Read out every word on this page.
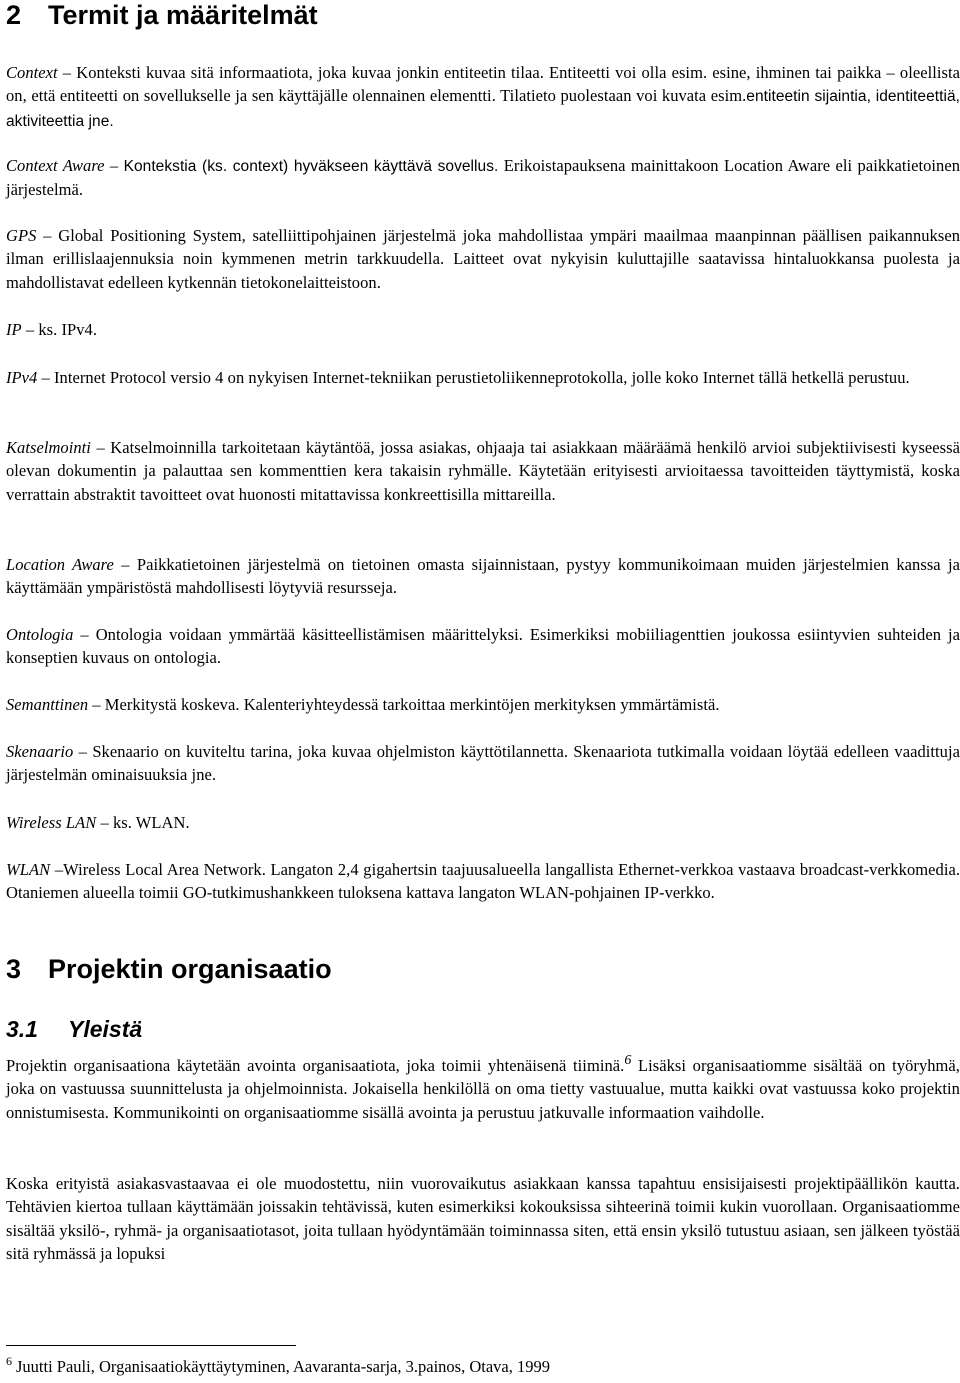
2 Termit ja määritelmät

Context – Konteksti kuvaa sitä informaatiota, joka kuvaa jonkin entiteetin tilaa. Entiteetti voi olla esim. esine, ihminen tai paikka – oleellista on, että entiteetti on sovellukselle ja sen käyttäjälle olennainen elementti. Tilatieto puolestaan voi kuvata esim.entiteetin sijaintia, identiteettiä, aktiviteettia jne.

Context Aware – Kontekstia (ks. context) hyväkseen käyttävä sovellus. Erikoistapauksena mainittakoon Location Aware eli paikkatietoinen järjestelmä.

GPS – Global Positioning System, satelliittipohjainen järjestelmä joka mahdollistaa ympäri maailmaa maanpinnan päällisen paikannuksen ilman erillislaajennuksia noin kymmenen metrin tarkkuudella. Laitteet ovat nykyisin kuluttajille saatavissa hintaluokkansa puolesta ja mahdollistavat edelleen kytkennän tietokonelaitteistoon.

IP – ks. IPv4.

IPv4 – Internet Protocol versio 4 on nykyisen Internet-tekniikan perustietoliikenneprotokolla, jolle koko Internet tällä hetkellä perustuu.

Katselmointi – Katselmoinnilla tarkoitetaan käytäntöä, jossa asiakas, ohjaaja tai asiakkaan määräämä henkilö arvioi subjektiivisesti kyseessä olevan dokumentin ja palauttaa sen kommenttien kera takaisin ryhmälle. Käytetään erityisesti arvioitaessa tavoitteiden täyttymistä, koska verrattain abstraktit tavoitteet ovat huonosti mitattavissa konkreettisilla mittareilla.

Location Aware – Paikkatietoinen järjestelmä on tietoinen omasta sijainnistaan, pystyy kommunikoimaan muiden järjestelmien kanssa ja käyttämään ympäristöstä mahdollisesti löytyviä resursseja.

Ontologia – Ontologia voidaan ymmärtää käsitteellistämisen määrittelyksi. Esimerkiksi mobiiliagenttien joukossa esiintyvien suhteiden ja konseptien kuvaus on ontologia.

Semanttinen – Merkitystä koskeva. Kalenteriyhteydessä tarkoittaa merkintöjen merkityksen ymmärtämistä.

Skenaario – Skenaario on kuviteltu tarina, joka kuvaa ohjelmiston käyttötilannetta. Skenaariota tutkimalla voidaan löytää edelleen vaadittuja järjestelmän ominaisuuksia jne.

Wireless LAN – ks. WLAN.

WLAN –Wireless Local Area Network. Langaton 2,4 gigahertsin taajuusalueella langallista Ethernet-verkkoa vastaava broadcast-verkkomedia. Otaniemen alueella toimii GO-tutkimushankkeen tuloksena kattava langaton WLAN-pohjainen IP-verkko.

3 Projektin organisaatio
3.1 Yleistä

Projektin organisaationa käytetään avointa organisaatiota, joka toimii yhtenäisenä tiiminä.$^6$ Lisäksi organisaatiomme sisältää on työryhmä, joka on vastuussa suunnittelusta ja ohjelmoinnista. Jokaisella henkilöllä on oma tietty vastuualue, mutta kaikki ovat vastuussa koko projektin onnistumisesta. Kommunikointi on organisaatiomme sisällä avointa ja perustuu jatkuvalle informaation vaihdolle.

Koska erityistä asiakasvastaavaa ei ole muodostettu, niin vuorovaikutus asiakkaan kanssa tapahtuu ensisijaisesti projektipäällikön kautta. Tehtävien kiertoa tullaan käyttämään joissakin tehtävissä, kuten esimerkiksi kokouksissa sihteerinä toimii kukin vuorollaan. Organisaatiomme sisältää yksilö-, ryhmä- ja organisaatiotasot, joita tullaan hyödyntämään toiminnassa siten, että ensin yksilö tutustuu asiaan, sen jälkeen työstää sitä ryhmässä ja lopuksi

$^6$ Juutti Pauli, Organisaatiokäyttäytyminen, Aavaranta-sarja, 3.painos, Otava, 1999
